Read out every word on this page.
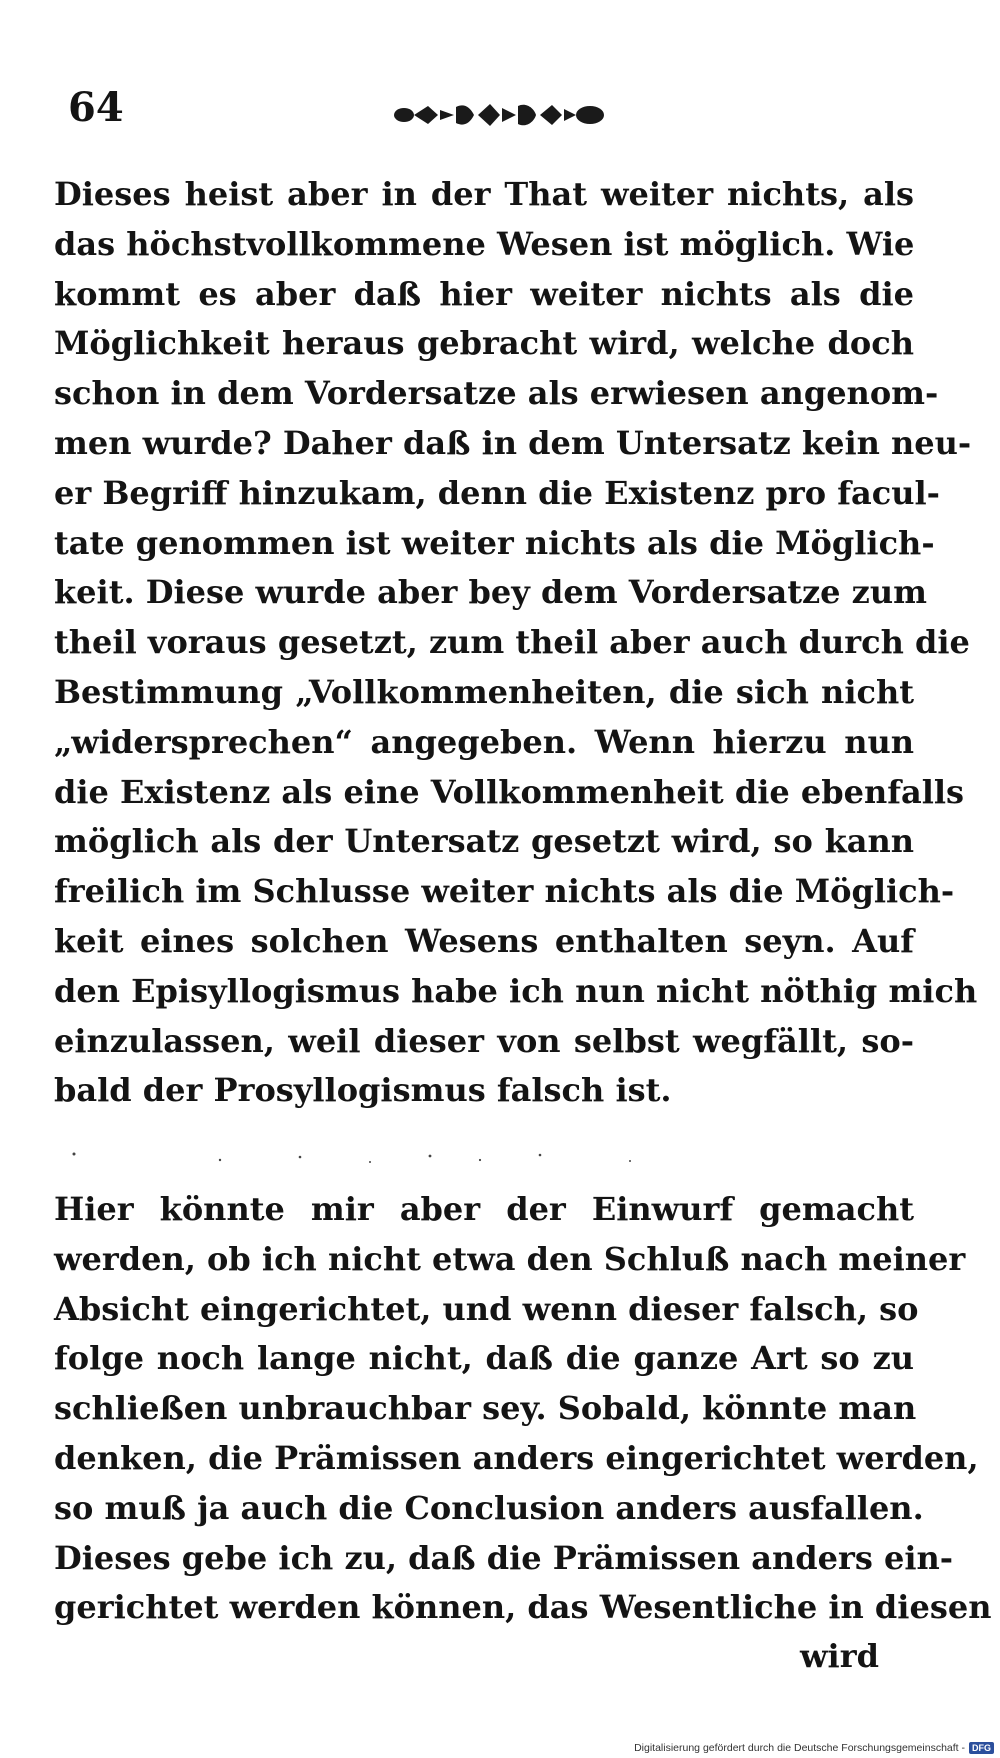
64
Dieses heist aber in der That weiter nichts, als
das höchstvollkommene Wesen ist möglich. Wie
kommt es aber daß hier weiter nichts als die
Möglichkeit heraus gebracht wird, welche doch
schon in dem Vordersatze als erwiesen angenom-
men wurde? Daher daß in dem Untersatz kein neu-
er Begriff hinzukam, denn die Existenz pro facul-
tate genommen ist weiter nichts als die Möglich-
keit. Diese wurde aber bey dem Vordersatze zum
theil voraus gesetzt, zum theil aber auch durch die
Bestimmung „Vollkommenheiten, die sich nicht
„widersprechen“ angegeben. Wenn hierzu nun
die Existenz als eine Vollkommenheit die ebenfalls
möglich als der Untersatz gesetzt wird, so kann
freilich im Schlusse weiter nichts als die Möglich-
keit eines solchen Wesens enthalten seyn. Auf
den Episyllogismus habe ich nun nicht nöthig mich
einzulassen, weil dieser von selbst wegfällt, so-
bald der Prosyllogismus falsch ist.
Hier könnte mir aber der Einwurf gemacht
werden, ob ich nicht etwa den Schluß nach meiner
Absicht eingerichtet, und wenn dieser falsch, so
folge noch lange nicht, daß die ganze Art so zu
schließen unbrauchbar sey. Sobald, könnte man
denken, die Prämissen anders eingerichtet werden,
so muß ja auch die Conclusion anders ausfallen.
Dieses gebe ich zu, daß die Prämissen anders ein-
gerichtet werden können, das Wesentliche in diesen
wird
Digitalisierung gefördert durch die Deutsche Forschungsgemeinschaft - DFG
